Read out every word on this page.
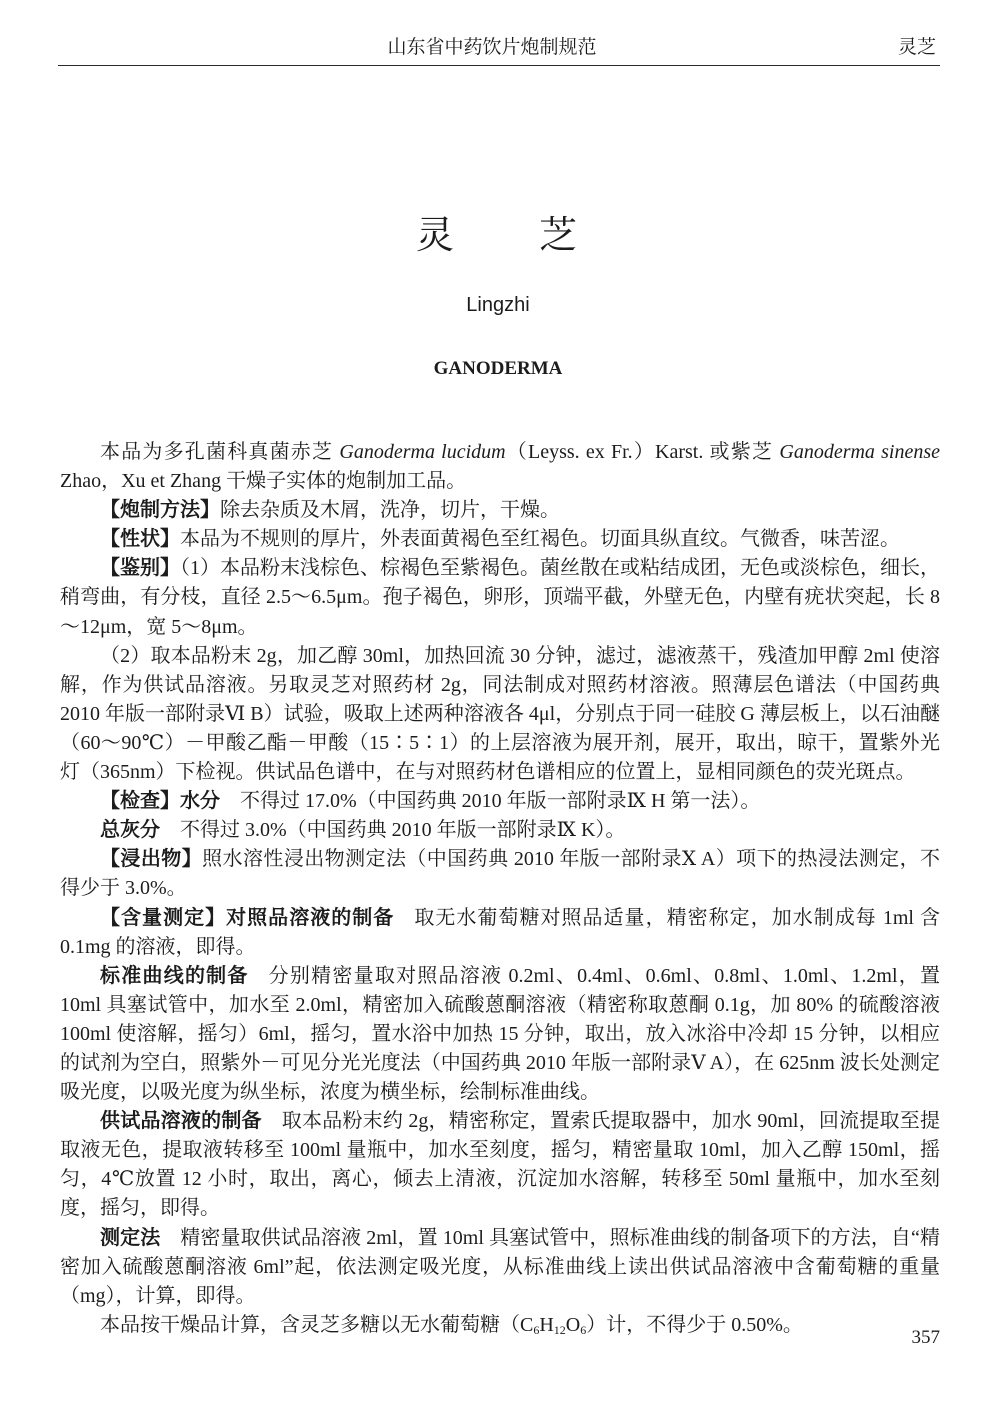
山东省中药饮片炮制规范	灵芝
灵　　芝
Lingzhi
GANODERMA

本品为多孔菌科真菌赤芝 Ganoderma lucidum（Leyss. ex Fr.）Karst. 或紫芝 Ganoderma sinense Zhao，Xu et Zhang 干燥子实体的炮制加工品。

【炮制方法】除去杂质及木屑，洗净，切片，干燥。

【性状】本品为不规则的厚片，外表面黄褐色至红褐色。切面具纵直纹。气微香，味苦涩。

【鉴别】（1）本品粉末浅棕色、棕褐色至紫褐色。菌丝散在或粘结成团，无色或淡棕色，细长，稍弯曲，有分枝，直径 2.5～6.5μm。孢子褐色，卵形，顶端平截，外壁无色，内壁有疣状突起，长 8～12μm，宽 5～8μm。

（2）取本品粉末 2g，加乙醇 30ml，加热回流 30 分钟，滤过，滤液蒸干，残渣加甲醇 2ml 使溶解，作为供试品溶液。另取灵芝对照药材 2g，同法制成对照药材溶液。照薄层色谱法（中国药典 2010 年版一部附录Ⅵ B）试验，吸取上述两种溶液各 4μl，分别点于同一硅胶 G 薄层板上，以石油醚（60～90℃）－甲酸乙酯－甲酸（15∶5∶1）的上层溶液为展开剂，展开，取出，晾干，置紫外光灯（365nm）下检视。供试品色谱中，在与对照药材色谱相应的位置上，显相同颜色的荧光斑点。

【检查】水分 不得过 17.0%（中国药典 2010 年版一部附录Ⅸ H 第一法）。

总灰分 不得过 3.0%（中国药典 2010 年版一部附录Ⅸ K）。

【浸出物】照水溶性浸出物测定法（中国药典 2010 年版一部附录Ⅹ A）项下的热浸法测定，不得少于 3.0%。

【含量测定】对照品溶液的制备 取无水葡萄糖对照品适量，精密称定，加水制成每 1ml 含 0.1mg 的溶液，即得。

标准曲线的制备 分别精密量取对照品溶液 0.2ml、0.4ml、0.6ml、0.8ml、1.0ml、1.2ml，置 10ml 具塞试管中，加水至 2.0ml，精密加入硫酸蒽酮溶液（精密称取蒽酮 0.1g，加 80% 的硫酸溶液 100ml 使溶解，摇匀）6ml，摇匀，置水浴中加热 15 分钟，取出，放入冰浴中冷却 15 分钟，以相应的试剂为空白，照紫外－可见分光光度法（中国药典 2010 年版一部附录Ⅴ A），在 625nm 波长处测定吸光度，以吸光度为纵坐标，浓度为横坐标，绘制标准曲线。

供试品溶液的制备 取本品粉末约 2g，精密称定，置索氏提取器中，加水 90ml，回流提取至提取液无色，提取液转移至 100ml 量瓶中，加水至刻度，摇匀，精密量取 10ml，加入乙醇 150ml，摇匀，4℃放置 12 小时，取出，离心，倾去上清液，沉淀加水溶解，转移至 50ml 量瓶中，加水至刻度，摇匀，即得。

测定法 精密量取供试品溶液 2ml，置 10ml 具塞试管中，照标准曲线的制备项下的方法，自“精密加入硫酸蒽酮溶液 6ml”起，依法测定吸光度，从标准曲线上读出供试品溶液中含葡萄糖的重量（mg），计算，即得。

本品按干燥品计算，含灵芝多糖以无水葡萄糖$(C_6H_{12}O_6)$计，不得少于 0.50%。

357
